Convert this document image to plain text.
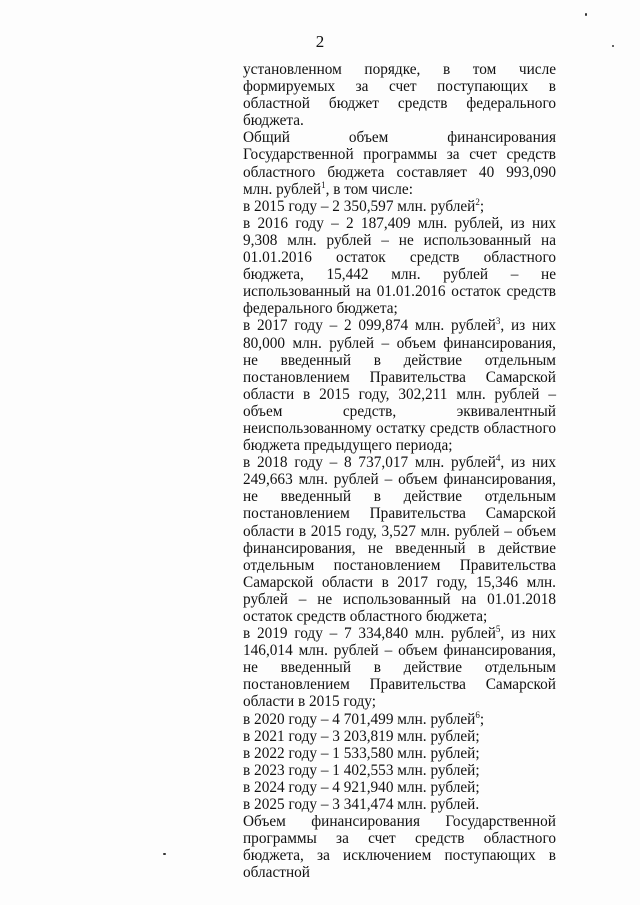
2

установленном порядке, в том числе формируемых за счет поступающих в областной бюджет средств федерального бюджета.

Общий объем финансирования Государственной программы за счет средств областного бюджета составляет 40 993,090 млн. рублей$^1$, в том числе:

в 2015 году – 2 350,597 млн. рублей$^2$;

в 2016 году – 2 187,409 млн. рублей, из них 9,308 млн. рублей – не использованный на 01.01.2016 остаток средств областного бюджета, 15,442 млн. рублей – не использованный на 01.01.2016 остаток средств федерального бюджета;

в 2017 году – 2 099,874 млн. рублей$^3$, из них 80,000 млн. рублей – объем финансирования, не введенный в действие отдельным постановлением Правительства Самарской области в 2015 году, 302,211 млн. рублей – объем средств, эквивалентный неиспользованному остатку средств областного бюджета предыдущего периода;

в 2018 году – 8 737,017 млн. рублей$^4$, из них 249,663 млн. рублей – объем финансирования, не введенный в действие отдельным постановлением Правительства Самарской области в 2015 году, 3,527 млн. рублей – объем финансирования, не введенный в действие отдельным постановлением Правительства Самарской области в 2017 году, 15,346 млн. рублей – не использованный на 01.01.2018 остаток средств областного бюджета;

в 2019 году – 7 334,840 млн. рублей$^5$, из них 146,014 млн. рублей – объем финансирования, не введенный в действие отдельным постановлением Правительства Самарской области в 2015 году;

в 2020 году – 4 701,499 млн. рублей$^6$;

в 2021 году – 3 203,819 млн. рублей;

в 2022 году – 1 533,580 млн. рублей;

в 2023 году – 1 402,553 млн. рублей;

в 2024 году – 4 921,940 млн. рублей;

в 2025 году – 3 341,474 млн. рублей.

Объем финансирования Государственной программы за счет средств областного бюджета, за исключением поступающих в областной
